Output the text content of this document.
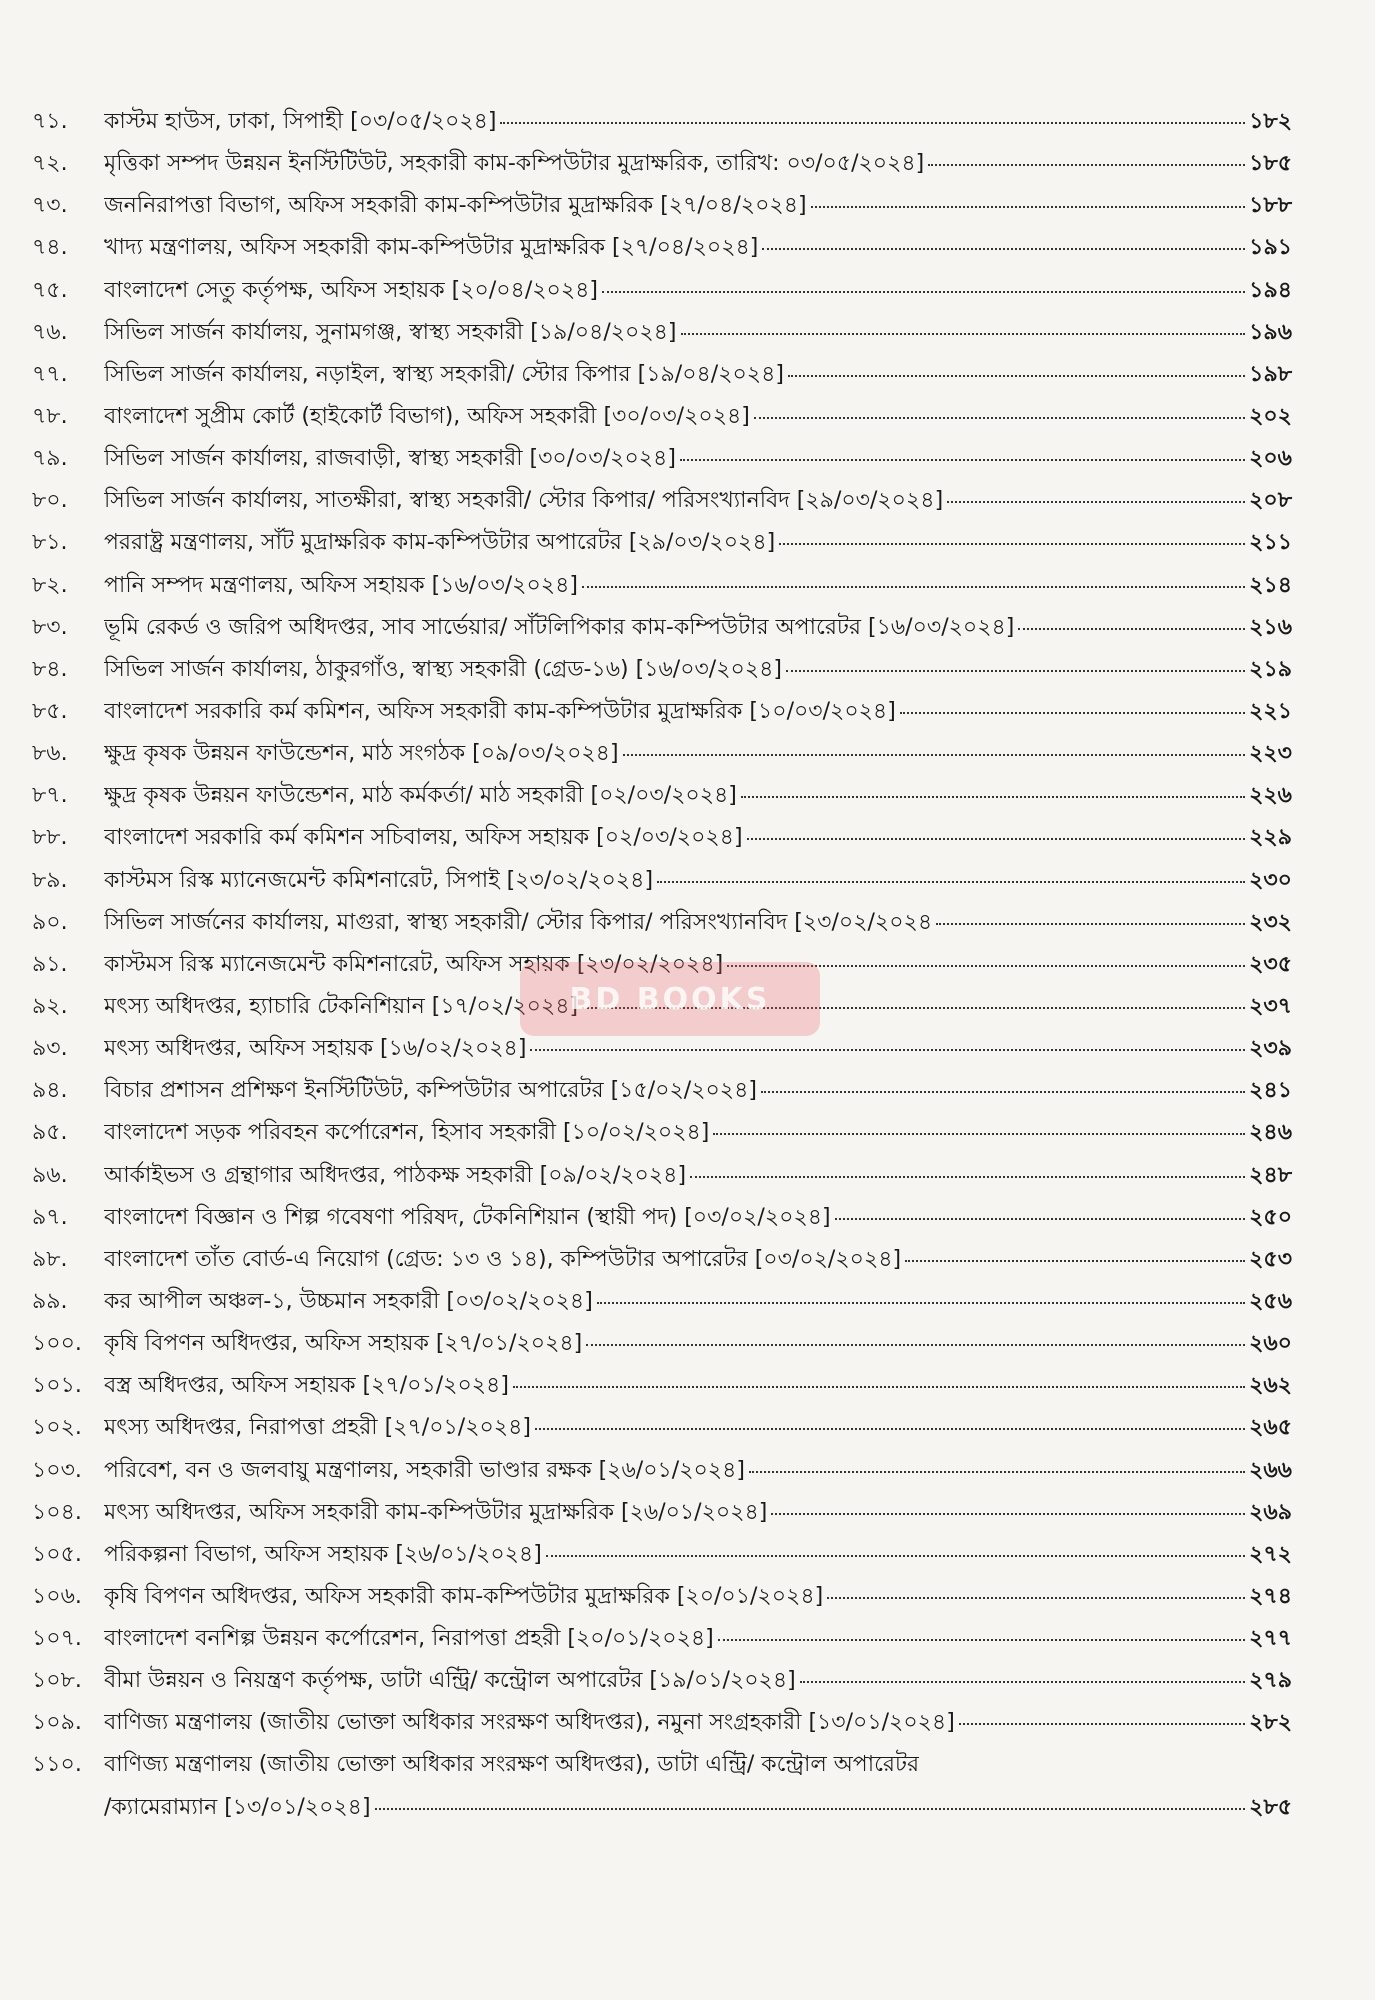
৭১.	কাস্টম হাউস, ঢাকা, সিপাহী [০৩/০৫/২০২৪]	১৮২
৭২.	মৃত্তিকা সম্পদ উন্নয়ন ইনস্টিটিউট, সহকারী কাম-কম্পিউটার মুদ্রাক্ষরিক, তারিখ: ০৩/০৫/২০২৪]	১৮৫
৭৩.	জননিরাপত্তা বিভাগ, অফিস সহকারী কাম-কম্পিউটার মুদ্রাক্ষরিক [২৭/০৪/২০২৪]	১৮৮
৭৪.	খাদ্য মন্ত্রণালয়, অফিস সহকারী কাম-কম্পিউটার মুদ্রাক্ষরিক [২৭/০৪/২০২৪]	১৯১
৭৫.	বাংলাদেশ সেতু কর্তৃপক্ষ, অফিস সহায়ক [২০/০৪/২০২৪]	১৯৪
৭৬.	সিভিল সার্জন কার্যালয়, সুনামগঞ্জ, স্বাস্থ্য সহকারী [১৯/০৪/২০২৪]	১৯৬
৭৭.	সিভিল সার্জন কার্যালয়, নড়াইল, স্বাস্থ্য সহকারী/ স্টোর কিপার [১৯/০৪/২০২৪]	১৯৮
৭৮.	বাংলাদেশ সুপ্রীম কোর্ট (হাইকোর্ট বিভাগ), অফিস সহকারী [৩০/০৩/২০২৪]	২০২
৭৯.	সিভিল সার্জন কার্যালয়, রাজবাড়ী, স্বাস্থ্য সহকারী [৩০/০৩/২০২৪]	২০৬
৮০.	সিভিল সার্জন কার্যালয়, সাতক্ষীরা, স্বাস্থ্য সহকারী/ স্টোর কিপার/ পরিসংখ্যানবিদ [২৯/০৩/২০২৪]	২০৮
৮১.	পররাষ্ট্র মন্ত্রণালয়, সাঁট মুদ্রাক্ষরিক কাম-কম্পিউটার অপারেটর [২৯/০৩/২০২৪]	২১১
৮২.	পানি সম্পদ মন্ত্রণালয়, অফিস সহায়ক [১৬/০৩/২০২৪]	২১৪
৮৩.	ভূমি রেকর্ড ও জরিপ অধিদপ্তর, সাব সার্ভেয়ার/ সাঁটলিপিকার কাম-কম্পিউটার অপারেটর [১৬/০৩/২০২৪]	২১৬
৮৪.	সিভিল সার্জন কার্যালয়, ঠাকুরগাঁও, স্বাস্থ্য সহকারী (গ্রেড-১৬) [১৬/০৩/২০২৪]	২১৯
৮৫.	বাংলাদেশ সরকারি কর্ম কমিশন, অফিস সহকারী কাম-কম্পিউটার মুদ্রাক্ষরিক [১০/০৩/২০২৪]	২২১
৮৬.	ক্ষুদ্র কৃষক উন্নয়ন ফাউন্ডেশন, মাঠ সংগঠক [০৯/০৩/২০২৪]	২২৩
৮৭.	ক্ষুদ্র কৃষক উন্নয়ন ফাউন্ডেশন, মাঠ কর্মকর্তা/ মাঠ সহকারী [০২/০৩/২০২৪]	২২৬
৮৮.	বাংলাদেশ সরকারি কর্ম কমিশন সচিবালয়, অফিস সহায়ক [০২/০৩/২০২৪]	২২৯
৮৯.	কাস্টমস রিস্ক ম্যানেজমেন্ট কমিশনারেট, সিপাই [২৩/০২/২০২৪]	২৩০
৯০.	সিভিল সার্জনের কার্যালয়, মাগুরা, স্বাস্থ্য সহকারী/ স্টোর কিপার/ পরিসংখ্যানবিদ [২৩/০২/২০২৪	২৩২
৯১.	কাস্টমস রিস্ক ম্যানেজমেন্ট কমিশনারেট, অফিস সহায়ক [২৩/০২/২০২৪]	২৩৫
৯২.	মৎস্য অধিদপ্তর, হ্যাচারি টেকনিশিয়ান [১৭/০২/২০২৪]	২৩৭
৯৩.	মৎস্য অধিদপ্তর, অফিস সহায়ক [১৬/০২/২০২৪]	২৩৯
৯৪.	বিচার প্রশাসন প্রশিক্ষণ ইনস্টিটিউট, কম্পিউটার অপারেটর [১৫/০২/২০২৪]	২৪১
৯৫.	বাংলাদেশ সড়ক পরিবহন কর্পোরেশন, হিসাব সহকারী [১০/০২/২০২৪]	২৪৬
৯৬.	আর্কাইভস ও গ্রন্থাগার অধিদপ্তর, পাঠকক্ষ সহকারী [০৯/০২/২০২৪]	২৪৮
৯৭.	বাংলাদেশ বিজ্ঞান ও শিল্প গবেষণা পরিষদ, টেকনিশিয়ান (স্থায়ী পদ) [০৩/০২/২০২৪]	২৫০
৯৮.	বাংলাদেশ তাঁত বোর্ড-এ নিয়োগ (গ্রেড: ১৩ ও ১৪), কম্পিউটার অপারেটর [০৩/০২/২০২৪]	২৫৩
৯৯.	কর আপীল অঞ্চল-১, উচ্চমান সহকারী [০৩/০২/২০২৪]	২৫৬
১০০.	কৃষি বিপণন অধিদপ্তর, অফিস সহায়ক [২৭/০১/২০২৪]	২৬০
১০১.	বস্ত্র অধিদপ্তর, অফিস সহায়ক [২৭/০১/২০২৪]	২৬২
১০২.	মৎস্য অধিদপ্তর, নিরাপত্তা প্রহরী [২৭/০১/২০২৪]	২৬৫
১০৩.	পরিবেশ, বন ও জলবায়ু মন্ত্রণালয়, সহকারী ভাণ্ডার রক্ষক [২৬/০১/২০২৪]	২৬৬
১০৪.	মৎস্য অধিদপ্তর, অফিস সহকারী কাম-কম্পিউটার মুদ্রাক্ষরিক [২৬/০১/২০২৪]	২৬৯
১০৫.	পরিকল্পনা বিভাগ, অফিস সহায়ক [২৬/০১/২০২৪]	২৭২
১০৬.	কৃষি বিপণন অধিদপ্তর, অফিস সহকারী কাম-কম্পিউটার মুদ্রাক্ষরিক [২০/০১/২০২৪]	২৭৪
১০৭.	বাংলাদেশ বনশিল্প উন্নয়ন কর্পোরেশন, নিরাপত্তা প্রহরী [২০/০১/২০২৪]	২৭৭
১০৮.	বীমা উন্নয়ন ও নিয়ন্ত্রণ কর্তৃপক্ষ, ডাটা এন্ট্রি/ কন্ট্রোল অপারেটর [১৯/০১/২০২৪]	২৭৯
১০৯.	বাণিজ্য মন্ত্রণালয় (জাতীয় ভোক্তা অধিকার সংরক্ষণ অধিদপ্তর), নমুনা সংগ্রহকারী [১৩/০১/২০২৪]	২৮২
১১০.	বাণিজ্য মন্ত্রণালয় (জাতীয় ভোক্তা অধিকার সংরক্ষণ অধিদপ্তর), ডাটা এন্ট্রি/ কন্ট্রোল অপারেটর
/ক্যামেরাম্যান [১৩/০১/২০২৪]	২৮৫
BD BOOKS
